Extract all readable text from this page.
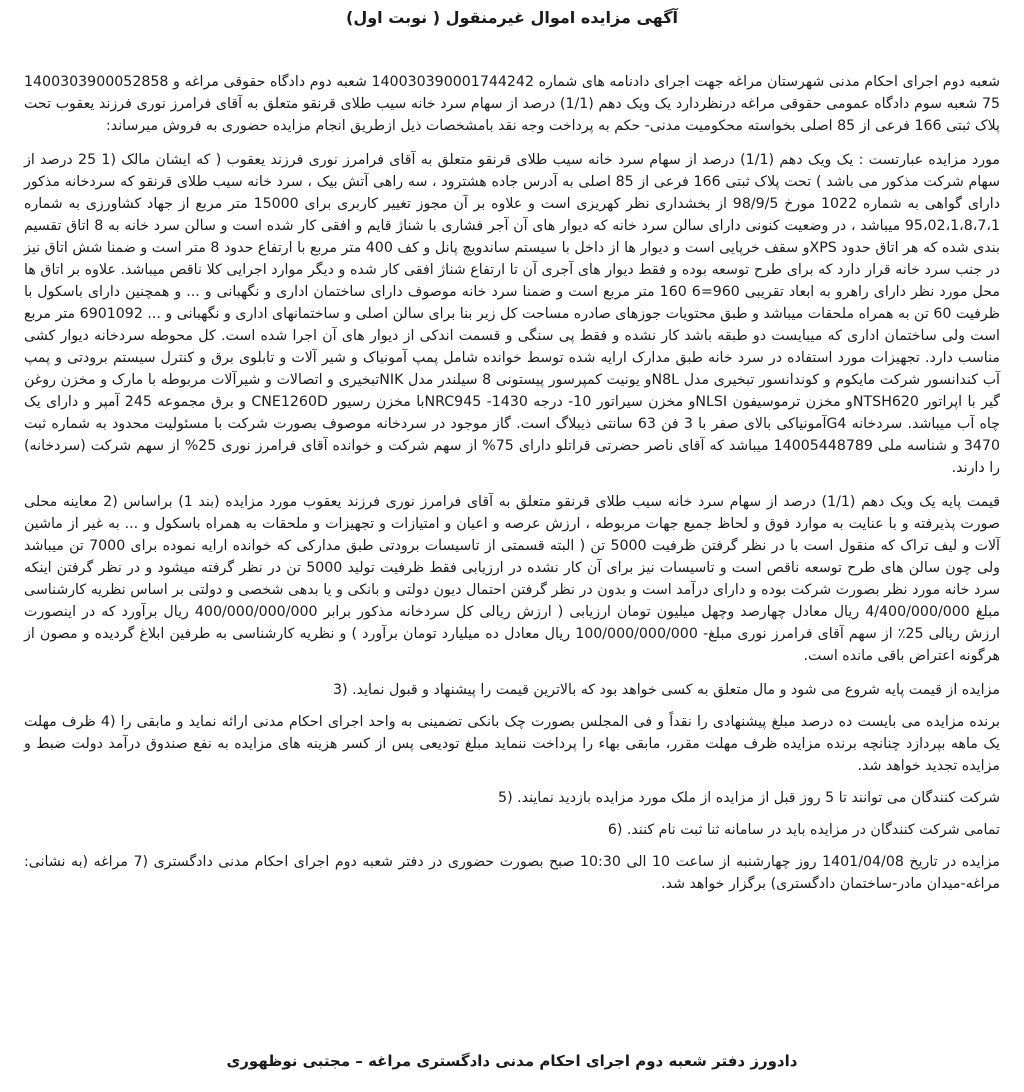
آگهی مزایده اموال غیرمنقول ( نوبت اول)

شعبه دوم اجرای احکام مدنی شهرستان مراغه جهت اجرای دادنامه های شماره 14003039000174424​2 شعبه دوم دادگاه حقوقی مراغه و 1400303900052858​75 شعبه سوم دادگاه عمومی حقوقی مراغه درنظردارد یک ویک دهم (1/1) درصد از سهام سرد خانه سیب طلای قرنقو متعلق به آقای فرامرز نوری فرزند یعقوب تحت پلاک ثبتی 166 فرعی از 85 اصلی بخواسته محکومیت مدنی- حکم به پرداخت وجه نقد بامشخصات ذیل ازطریق انجام مزایده حضوری به فروش میرساند:

مورد مزایده عبارتست : یک ویک دهم (1/1) درصد از سهام سرد خانه سیب طلای قرنقو متعلق به آقای فرامرز نوری فرزند یعقوب ( که ایشان مالک (1 25 درصد از سهام شرکت مذکور می باشد ) تحت پلاک ثبتی 166 فرعی از 85 اصلی به آدرس جاده هشترود ، سه راهی آتش بیک ، سرد خانه سیب طلای قرنقو که سردخانه مذکور دارای گواهی به شماره 1022 مورخ 98/9/5 از بخشداری نظر کهریزی است و علاوه بر آن مجوز تغییر کاربری برای 15000 متر مربع از جهاد کشاورزی به شماره 95،02،1،8،7،1 میباشد ، در وضعیت کنونی دارای سالن سرد خانه که دیوار های آن آجر فشاری با شناژ قایم و افقی کار شده است و سالن سرد خانه به 8 اتاق تقسیم بندی شده که هر اتاق حدود XPSو سقف خرپایی است و دیوار ها از داخل با سیستم ساندویچ پانل و کف 400 متر مربع با ارتفاع حدود 8 متر است و ضمنا شش اتاق نیز در جنب سرد خانه قرار دارد که برای طرح توسعه بوده و فقط دیوار های آجری آن تا ارتفاع شناژ افقی کار شده و دیگر موارد اجرایی کلا ناقص میباشد. علاوه بر اتاق ها محل مورد نظر دارای راهرو به ابعاد تقریبی 960=6 160 متر مربع است و ضمنا سرد خانه موصوف دارای ساختمان اداری و نگهبانی و ... و همچنین دارای باسکول با ظرفیت 60 تن به همراه ملحقات میباشد و طبق محتویات جوزهای صادره مساحت کل زیر بنا برای سالن اصلی و ساختمانهای اداری و نگهبانی و ... 6901092 متر مربع است ولی ساختمان اداری که میبایست دو طبقه باشد کار نشده و فقط پی سنگی و قسمت اندکی از دیوار های آن اجرا شده است. کل محوطه سردخانه دیوار کشی مناسب دارد. تجهیزات مورد استفاده در سرد خانه طبق مدارک ارایه شده توسط خوانده شامل پمپ آمونیاک و شیر آلات و تابلوی برق و کنترل سیستم برودتی و پمپ آب کندانسور شرکت مایکوم و کوندانسور تبخیری مدل N8Lو یونیت کمپرسور پیستونی 8 سیلندر مدل NIKتبخیری و اتصالات و شیرآلات مربوطه با مارک و مخزن روغن گیر با اپراتور NTSH620و مخزن ترموسیفون NLSIو مخزن سیراتور 10- درجه 1430- NRC945با مخزن رسیور CNE1260D و برق مجموعه 245 آمپر و دارای یک چاه آب میباشد. سردخانه G4آمونیاکی بالای صفر با 3 فن 63 سانتی ذیبلاگ است. گاز موجود در سردخانه موصوف بصورت شرکت با مسئولیت محدود به شماره ثبت 3470 و شناسه ملی 14005448789 میباشد که آقای ناصر حضرتی قراتلو دارای 75% از سهم شرکت و خوانده آقای فرامرز نوری 25% از سهم شرکت (سردخانه) را دارند.

قیمت پایه یک ویک دهم (1/1) درصد از سهام سرد خانه سیب طلای قرنقو متعلق به آقای فرامرز نوری فرزند یعقوب مورد مزایده (بند 1) براساس (2 معاینه محلی صورت پذیرفته و با عنایت به موارد فوق و لحاظ جمیع جهات مربوطه ، ارزش عرصه و اعیان و امتیازات و تجهیزات و ملحقات به همراه باسکول و ... به غیر از ماشین آلات و لیف تراک که منقول است با در نظر گرفتن ظرفیت 5000 تن ( البته قسمتی از تاسیسات برودتی طبق مدارکی که خوانده ارایه نموده برای 7000 تن میباشد ولی چون سالن های طرح توسعه ناقص است و تاسیسات نیز برای آن کار نشده در ارزیابی فقط ظرفیت تولید 5000 تن در نظر گرفته میشود و در نظر گرفتن اینکه سرد خانه مورد نظر بصورت شرکت بوده و دارای درآمد است و بدون در نظر گرفتن احتمال دیون دولتی و بانکی و یا بدهی شخصی و دولتی بر اساس نظریه کارشناسی مبلغ 4/400/000/000 ریال معادل چهارصد وچهل میلیون تومان ارزیابی ( ارزش ریالی کل سردخانه مذکور برابر 400/000/000/000 ریال برآورد که در اینصورت ارزش ریالی 25٪ از سهم آقای فرامرز نوری مبلغ- 100/000/000/000 ریال معادل ده میلیارد تومان برآورد ) و نظریه کارشناسی به طرفین ابلاغ گردیده و مصون از هرگونه اعتراض باقی مانده است.

مزایده از قیمت پایه شروع می شود و مال متعلق به کسی خواهد بود که بالاترین قیمت را پیشنهاد و قبول نماید. (3

برنده مزایده می بایست ده درصد مبلغ پیشنهادی را نقداً و فی المجلس بصورت چک بانکی تضمینی به واحد اجرای احکام مدنی ارائه نماید و مابقی را (4 ظرف مهلت یک ماهه بپردازد چنانچه برنده مزایده ظرف مهلت مقرر، مابقی بهاء را پرداخت ننماید مبلغ تودیعی پس از کسر هزینه های مزایده به نفع صندوق درآمد دولت ضبط و مزایده تجدید خواهد شد.

شرکت کنندگان می توانند تا 5 روز قبل از مزایده از ملک مورد مزایده بازدید نمایند. (5

تمامی شرکت کنندگان در مزایده باید در سامانه ثنا ثبت نام کنند. (6

مزایده در تاریخ 1401/04/08 روز چهارشنبه از ساعت 10 الی 10:30 صبح بصورت حضوری در دفتر شعبه دوم اجرای احکام مدنی دادگستری (7 مراغه (به نشانی: مراغه-میدان مادر-ساختمان دادگستری) برگزار خواهد شد.

دادورز دفتر شعبه دوم اجرای احکام مدنی دادگستری مراغه – مجتبی نوظهوری
